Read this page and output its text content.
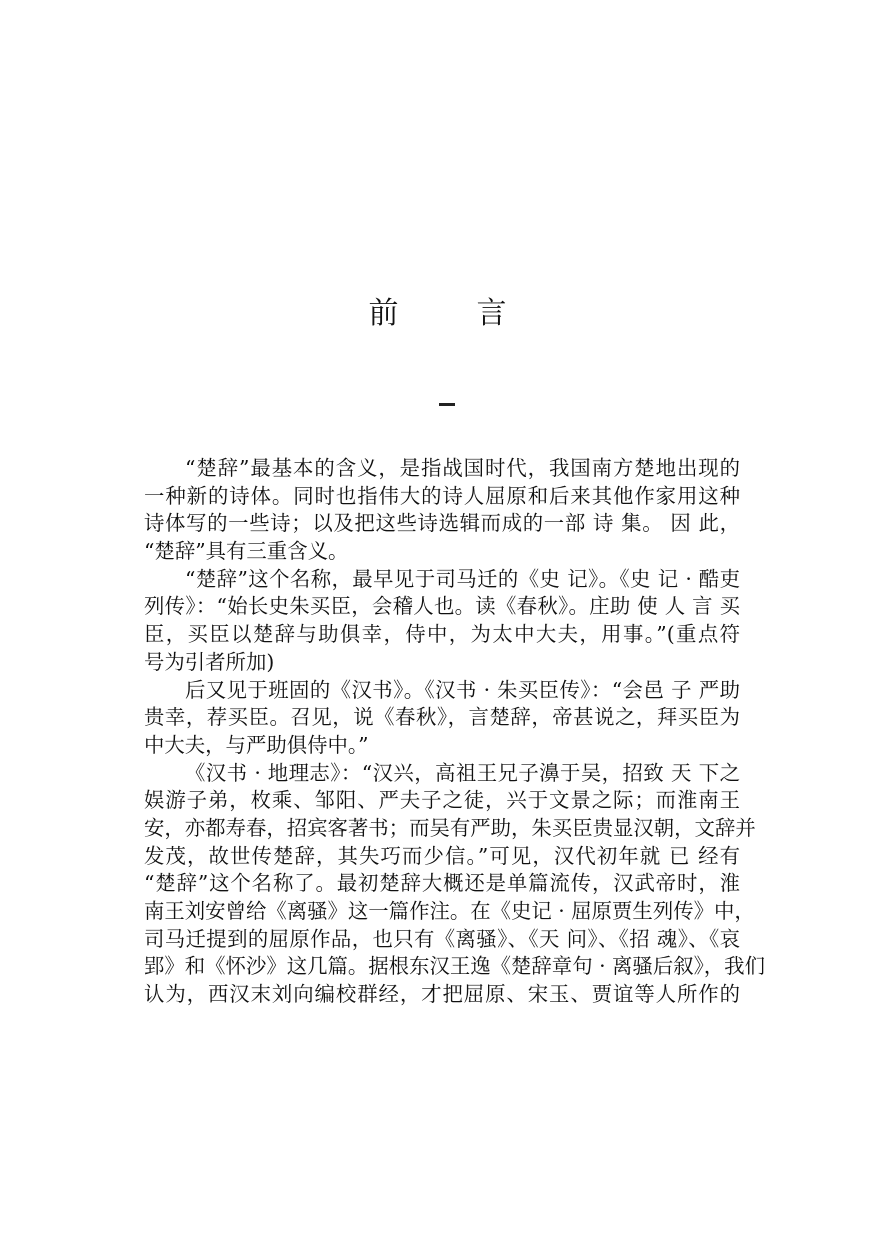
前	言
“楚辞”最基本的含义，是指战国时代，我国南方楚地出现的
一种新的诗体。同时也指伟大的诗人屈原和后来其他作家用这种
诗体写的一些诗；以及把这些诗选辑而成的一部 诗 集。 因 此，
“楚辞”具有三重含义。
“楚辞”这个名称，最早见于司马迁的《史 记》。《史 记 · 酷吏
列传》：“始长史朱买臣，会稽人也。读《春秋》。庄助 使 人 言 买
臣，买臣以楚辞与助俱幸，侍中，为太中大夫，用事。”(重点符
号为引者所加)
后又见于班固的《汉书》。《汉书 · 朱买臣传》：“会邑 子 严助
贵幸，荐买臣。召见，说《春秋》，言楚辞，帝甚说之，拜买臣为
中大夫，与严助俱侍中。”
《汉书 · 地理志》：“汉兴，高祖王兄子濞于吴，招致 天 下之
娱游子弟，枚乘、邹阳、严夫子之徒，兴于文景之际；而淮南王
安，亦都寿春，招宾客著书；而吴有严助，朱买臣贵显汉朝，文辞并
发茂，故世传楚辞，其失巧而少信。”可见，汉代初年就 已 经有
“楚辞”这个名称了。最初楚辞大概还是单篇流传，汉武帝时，淮
南王刘安曾给《离骚》这一篇作注。在《史记 · 屈原贾生列传》中，
司马迁提到的屈原作品，也只有《离骚》、《天 问》、《招 魂》、《哀
郢》和《怀沙》这几篇。据根东汉王逸《楚辞章句 · 离骚后叙》，我们
认为，西汉末刘向编校群经，才把屈原、宋玉、贾谊等人所作的
